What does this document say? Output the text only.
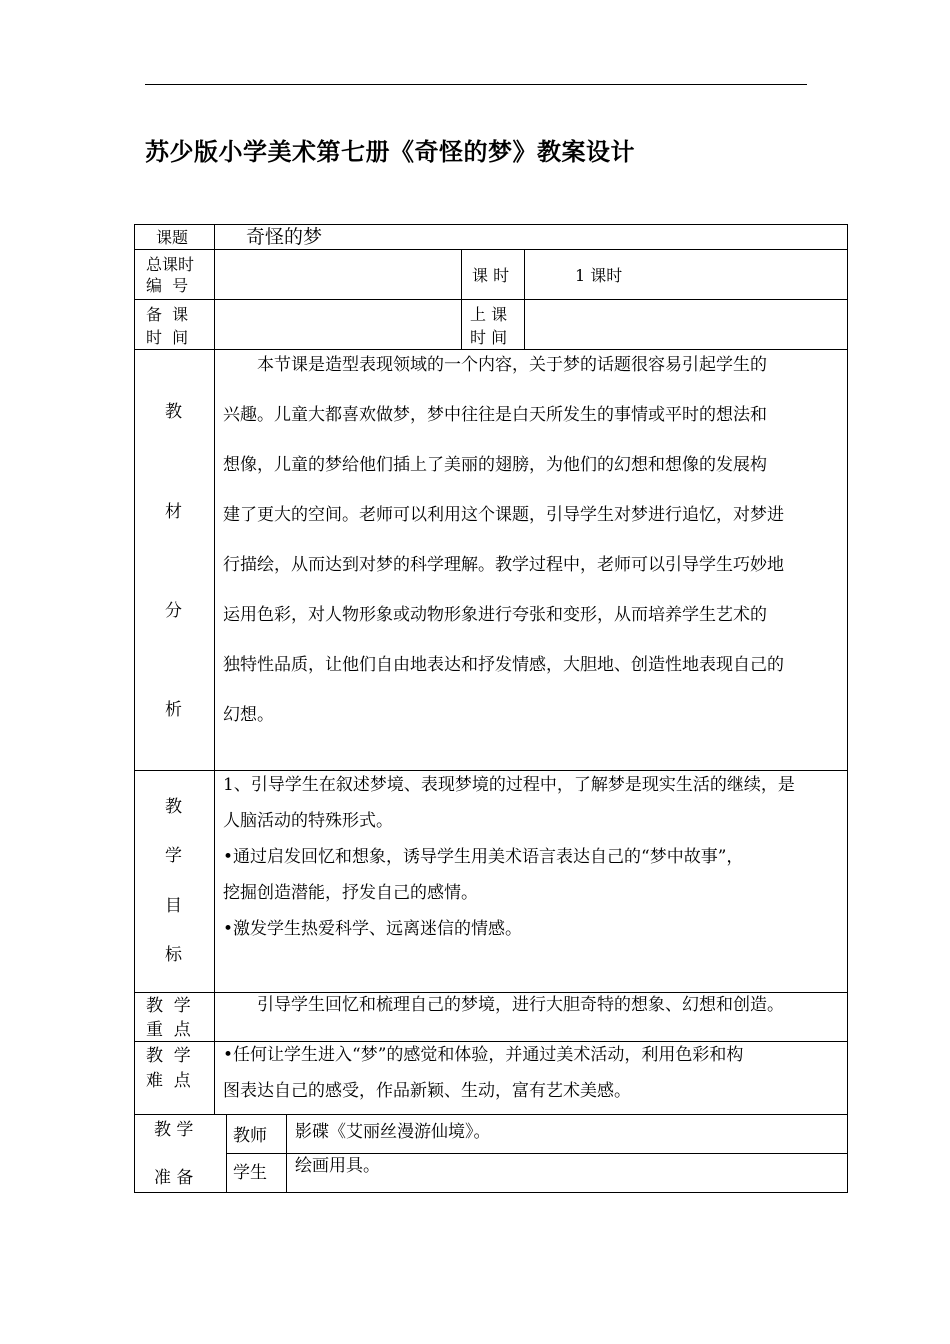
苏少版小学美术第七册《奇怪的梦》教案设计
课题	奇怪的梦
总课时
编  号
课 时	1 课时
备  课
时  间
上 课
时 间
教
材
分
析
　　本节课是造型表现领域的一个内容，关于梦的话题很容易引起学生的
兴趣。儿童大都喜欢做梦，梦中往往是白天所发生的事情或平时的想法和
想像，儿童的梦给他们插上了美丽的翅膀，为他们的幻想和想像的发展构
建了更大的空间。老师可以利用这个课题，引导学生对梦进行追忆，对梦进
行描绘，从而达到对梦的科学理解。教学过程中，老师可以引导学生巧妙地
运用色彩，对人物形象或动物形象进行夸张和变形，从而培养学生艺术的
独特性品质，让他们自由地表达和抒发情感，大胆地、创造性地表现自己的
幻想。
教
学
目
标
1、引导学生在叙述梦境、表现梦境的过程中，了解梦是现实生活的继续，是
人脑活动的特殊形式。
•通过启发回忆和想象，诱导学生用美术语言表达自己的“梦中故事”，
挖掘创造潜能，抒发自己的感情。
•激发学生热爱科学、远离迷信的情感。
教  学
重  点
　　引导学生回忆和梳理自己的梦境，进行大胆奇特的想象、幻想和创造。
教  学
难  点
•任何让学生进入“梦”的感觉和体验，并通过美术活动，利用色彩和构
图表达自己的感受，作品新颖、生动，富有艺术美感。
教 学
准 备
教师 影碟《艾丽丝漫游仙境》。
学生 绘画用具。
